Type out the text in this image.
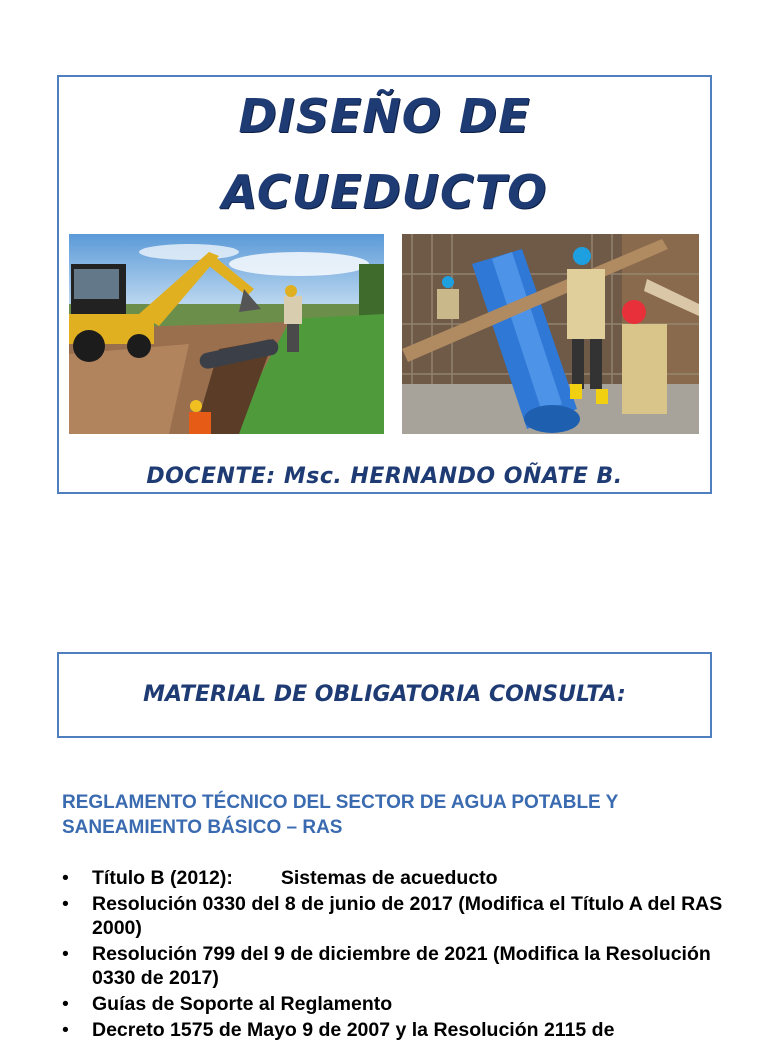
DISEÑO DE
ACUEDUCTO
DOCENTE: Msc. HERNANDO OÑATE B.
MATERIAL DE OBLIGATORIA CONSULTA:
REGLAMENTO TÉCNICO DEL SECTOR DE AGUA POTABLE Y SANEAMIENTO BÁSICO – RAS
• Título B (2012): Sistemas de acueducto
• Resolución 0330 del 8 de junio de 2017 (Modifica el Título A del RAS 2000)
• Resolución 799 del 9 de diciembre de 2021 (Modifica la Resolución 0330 de 2017)
• Guías de Soporte al Reglamento
• Decreto 1575 de Mayo 9 de 2007 y la Resolución 2115 de
